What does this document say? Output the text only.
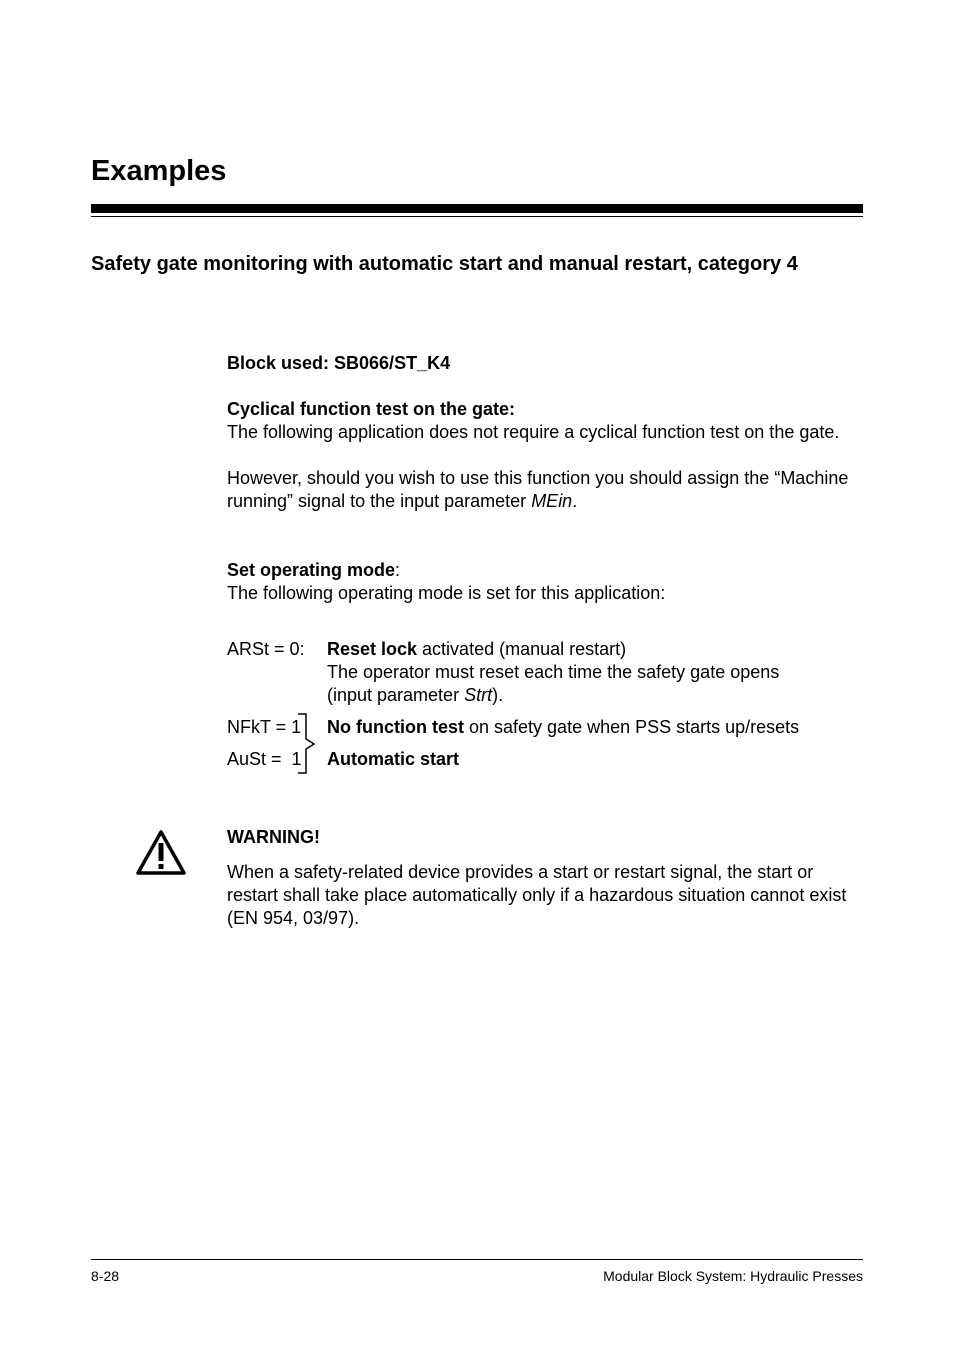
Examples
Safety gate monitoring with automatic start and manual restart, category 4

Block used: SB066/ST_K4

Cyclical function test on the gate:

The following application does not require a cyclical function test on the gate.

However, should you wish to use this function you should assign the “Machine running” signal to the input parameter MEin.

Set operating mode:

The following operating mode is set for this application:

ARSt = 0: Reset lock activated (manual restart)
The operator must reset each time the safety gate opens (input parameter Strt).
NFkT = 1 No function test on safety gate when PSS starts up/resets
AuSt =  1 Automatic start

WARNING!

When a safety-related device provides a start or restart signal, the start or restart shall take place automatically only if a hazardous situation cannot exist (EN 954, 03/97).

8-28	Modular Block System: Hydraulic Presses
